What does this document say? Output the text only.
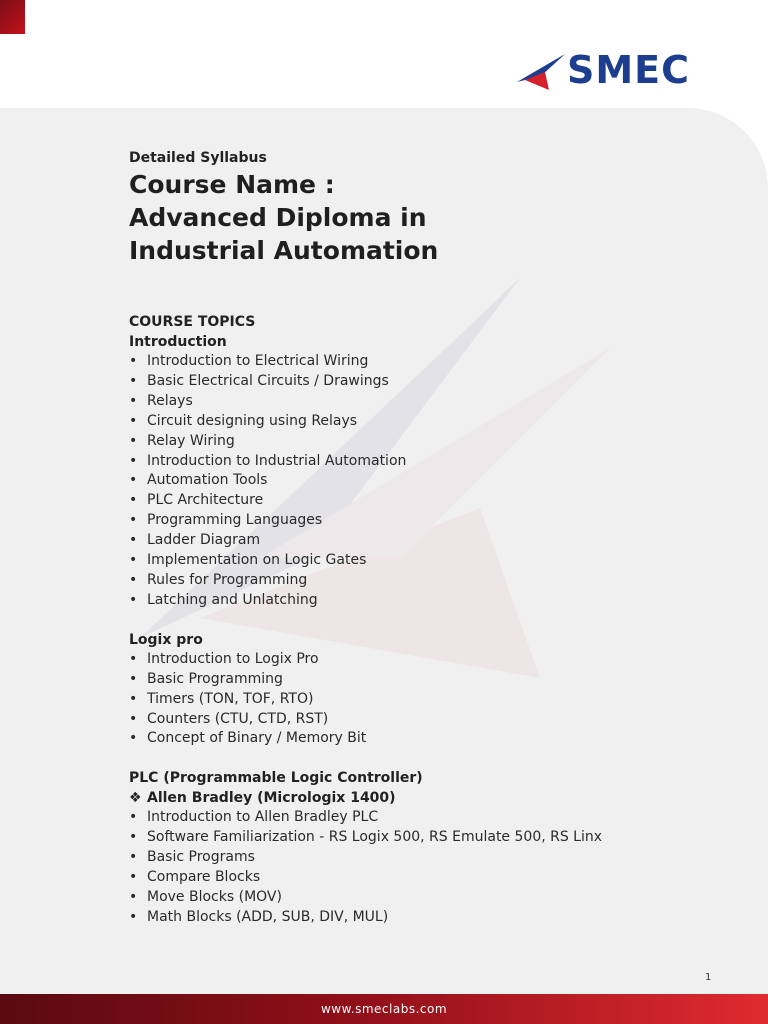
SMEC

Detailed Syllabus

Course Name :

Advanced Diploma in

Industrial Automation

COURSE TOPICS
Introduction
• Introduction to Electrical Wiring
• Basic Electrical Circuits / Drawings
• Relays
• Circuit designing using Relays
• Relay Wiring
• Introduction to Industrial Automation
• Automation Tools
• PLC Architecture
• Programming Languages
• Ladder Diagram
• Implementation on Logic Gates
• Rules for Programming
• Latching and Unlatching
Logix pro
• Introduction to Logix Pro
• Basic Programming
• Timers (TON, TOF, RTO)
• Counters (CTU, CTD, RST)
• Concept of Binary / Memory Bit
PLC (Programmable Logic Controller)
❖ Allen Bradley (Micrologix 1400)
• Introduction to Allen Bradley PLC
• Software Familiarization - RS Logix 500, RS Emulate 500, RS Linx
• Basic Programs
• Compare Blocks
• Move Blocks (MOV)
• Math Blocks (ADD, SUB, DIV, MUL)
1
www.smeclabs.com
